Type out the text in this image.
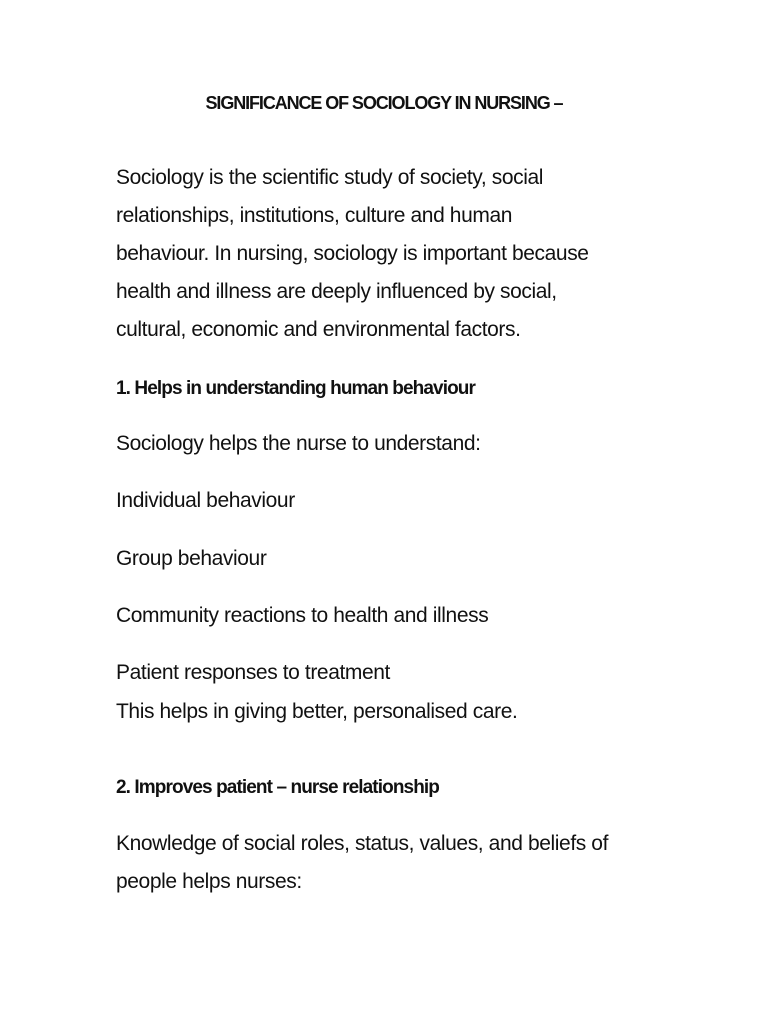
SIGNIFICANCE OF SOCIOLOGY IN NURSING –
Sociology is the scientific study of society, social
relationships, institutions, culture and human
behaviour. In nursing, sociology is important because
health and illness are deeply influenced by social,
cultural, economic and environmental factors.
1. Helps in understanding human behaviour
Sociology helps the nurse to understand:
Individual behaviour
Group behaviour
Community reactions to health and illness
Patient responses to treatment
This helps in giving better, personalised care.
2. Improves patient – nurse relationship
Knowledge of social roles, status, values, and beliefs of
people helps nurses:
